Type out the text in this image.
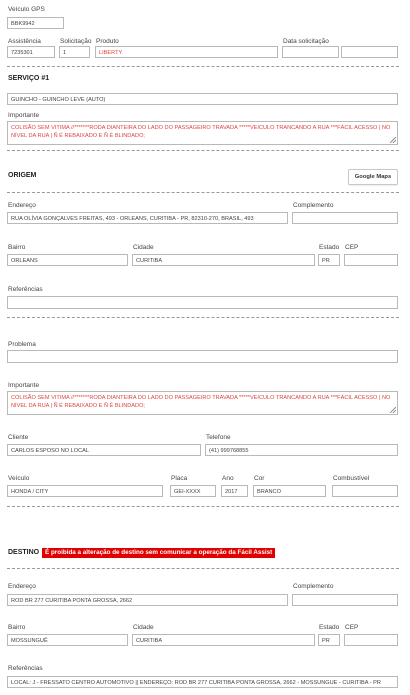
Veículo GPS
BBK9942
Assistência
7235301
Solicitação
1
Produto
LIBERTY
Data solicitação
SERVIÇO #1
GUINCHO - GUINCHO LEVE (AUTO)
Importante
COLISÃO SEM VITIMA //*******RODA DIANTEIRA DO LADO DO PASSAGEIRO TRAVADA *****VEICULO TRANCANDO A RUA ***FÁCIL ACESSO | NO NÍVEL DA RUA | Ñ É REBAIXADO E Ñ É BLINDADO;
ORIGEM	Google Maps
Endereço
RUA OLÍVIA GONÇALVES FREITAS, 493 - ORLEANS, CURITIBA - PR, 82310-270, BRASIL, 493
Complemento
Bairro
ORLEANS
Cidade
CURITIBA
Estado
PR
CEP
Referências
Problema
Importante
COLISÃO SEM VITIMA //*******RODA DIANTEIRA DO LADO DO PASSAGEIRO TRAVADA *****VEICULO TRANCANDO A RUA ***FÁCIL ACESSO | NO NÍVEL DA RUA | Ñ É REBAIXADO E Ñ É BLINDADO;
Cliente
CARLOS ESPOSO NO LOCAL
Telefone
(41) 999768855
Veículo
HONDA / CITY
Placa
GEI-XXXX
Ano
2017
Cor
BRANCO
Combustível
DESTINO É proibida a alteração de destino sem comunicar a operação da Fácil Assist
Endereço
ROD BR 277 CURITIBA PONTA GROSSA, 2662
Complemento
Bairro
MOSSUNGUÊ
Cidade
CURITIBA
Estado
PR
CEP
Referências
LOCAL: J - FRESSATO CENTRO AUTOMOTIVO || ENDEREÇO: ROD BR 277 CURITIBA PONTA GROSSA, 2662 - MOSSUNGUE - CURITIBA - PR
